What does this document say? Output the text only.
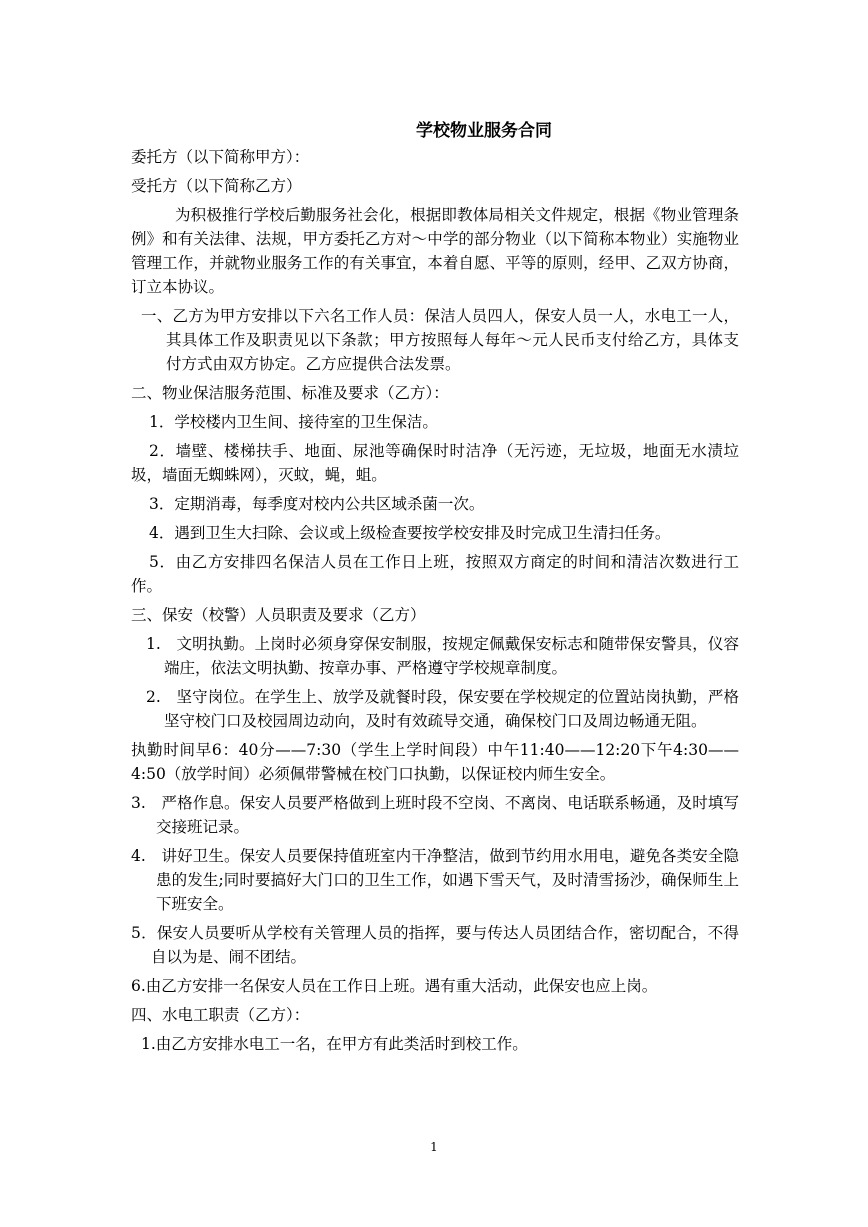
学校物业服务合同

委托方（以下简称甲方）：

受托方（以下简称乙方）

为积极推行学校后勤服务社会化，根据即教体局相关文件规定，根据《物业管理条例》和有关法律、法规，甲方委托乙方对～中学的部分物业（以下简称本物业）实施物业管理工作，并就物业服务工作的有关事宜，本着自愿、平等的原则，经甲、乙双方协商，订立本协议。

一、乙方为甲方安排以下六名工作人员：保洁人员四人，保安人员一人，水电工一人，其具体工作及职责见以下条款；甲方按照每人每年～元人民币支付给乙方，具体支付方式由双方协定。乙方应提供合法发票。

二、物业保洁服务范围、标准及要求（乙方）：

1．学校楼内卫生间、接待室的卫生保洁。

2．墙壁、楼梯扶手、地面、尿池等确保时时洁净（无污迹，无垃圾，地面无水渍垃圾，墙面无蜘蛛网），灭蚊，蝇，蛆。

3．定期消毒，每季度对校内公共区域杀菌一次。

4．遇到卫生大扫除、会议或上级检查要按学校安排及时完成卫生清扫任务。

5．由乙方安排四名保洁人员在工作日上班，按照双方商定的时间和清洁次数进行工作。

三、保安（校警）人员职责及要求（乙方）

1.　文明执勤。上岗时必须身穿保安制服，按规定佩戴保安标志和随带保安警具，仪容端庄，依法文明执勤、按章办事、严格遵守学校规章制度。

2.　坚守岗位。在学生上、放学及就餐时段，保安要在学校规定的位置站岗执勤，严格坚守校门口及校园周边动向，及时有效疏导交通，确保校门口及周边畅通无阻。

执勤时间早6：40分——7:30（学生上学时间段）中午11:40——12:20下午4:30——4:50（放学时间）必须佩带警械在校门口执勤，以保证校内师生安全。

3.　严格作息。保安人员要严格做到上班时段不空岗、不离岗、电话联系畅通，及时填写交接班记录。

4.　讲好卫生。保安人员要保持值班室内干净整洁，做到节约用水用电，避免各类安全隐患的发生;同时要搞好大门口的卫生工作，如遇下雪天气，及时清雪扬沙，确保师生上下班安全。

5．保安人员要听从学校有关管理人员的指挥，要与传达人员团结合作，密切配合，不得自以为是、闹不团结。

6.由乙方安排一名保安人员在工作日上班。遇有重大活动，此保安也应上岗。

四、水电工职责（乙方）：

1.由乙方安排水电工一名，在甲方有此类活时到校工作。

1
